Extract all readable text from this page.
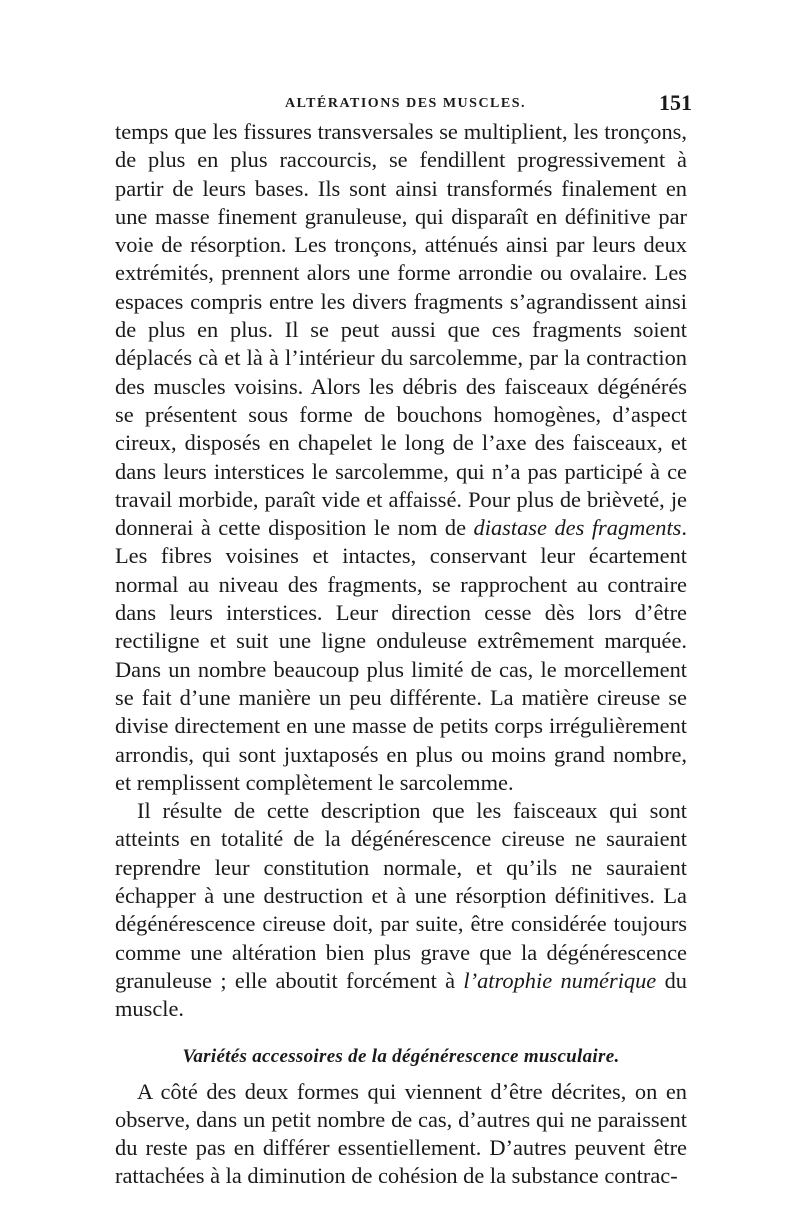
ALTÉRATIONS DES MUSCLES.	151

temps que les fissures transversales se multiplient, les tronçons, de plus en plus raccourcis, se fendillent progressivement à partir de leurs bases. Ils sont ainsi transformés finalement en une masse finement granuleuse, qui disparaît en définitive par voie de résorption. Les tronçons, atténués ainsi par leurs deux extrémités, prennent alors une forme arrondie ou ovalaire. Les espaces compris entre les divers fragments s’agrandissent ainsi de plus en plus. Il se peut aussi que ces fragments soient déplacés cà et là à l’intérieur du sarcolemme, par la contraction des muscles voisins. Alors les débris des faisceaux dégénérés se présentent sous forme de bouchons homogènes, d’aspect cireux, disposés en chapelet le long de l’axe des faisceaux, et dans leurs interstices le sarcolemme, qui n’a pas participé à ce travail morbide, paraît vide et affaissé. Pour plus de brièveté, je donnerai à cette disposition le nom de diastase des fragments. Les fibres voisines et intactes, conservant leur écartement normal au niveau des fragments, se rapprochent au contraire dans leurs interstices. Leur direction cesse dès lors d’être rectiligne et suit une ligne onduleuse extrêmement marquée. Dans un nombre beaucoup plus limité de cas, le morcellement se fait d’une manière un peu différente. La matière cireuse se divise directement en une masse de petits corps irrégulièrement arrondis, qui sont juxtaposés en plus ou moins grand nombre, et remplissent complètement le sarcolemme.

Il résulte de cette description que les faisceaux qui sont atteints en totalité de la dégénérescence cireuse ne sauraient reprendre leur constitution normale, et qu’ils ne sauraient échapper à une destruction et à une résorption définitives. La dégénérescence cireuse doit, par suite, être considérée toujours comme une altération bien plus grave que la dégénérescence granuleuse ; elle aboutit forcément à l’atrophie numérique du muscle.

Variétés accessoires de la dégénérescence musculaire.

A côté des deux formes qui viennent d’être décrites, on en observe, dans un petit nombre de cas, d’autres qui ne paraissent du reste pas en différer essentiellement. D’autres peuvent être rattachées à la diminution de cohésion de la substance contrac-
